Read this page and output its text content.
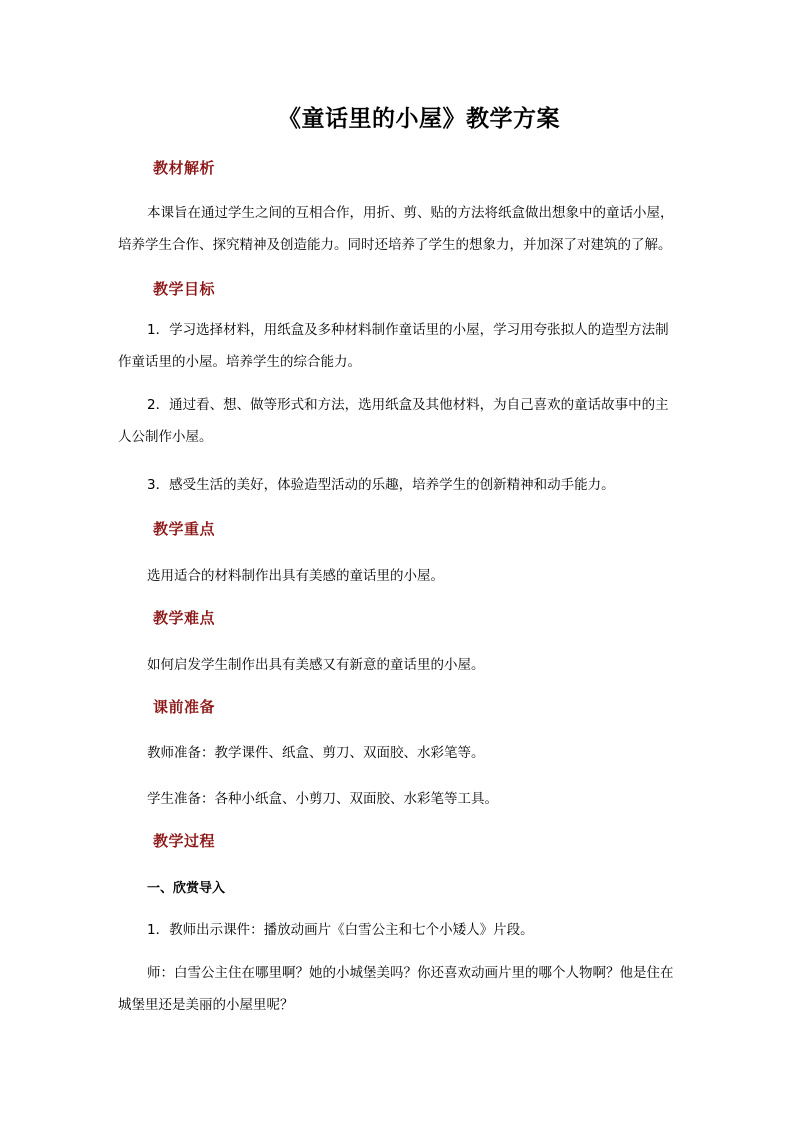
《童话里的小屋》教学方案
教材解析

本课旨在通过学生之间的互相合作，用折、剪、贴的方法将纸盒做出想象中的童话小屋，培养学生合作、探究精神及创造能力。同时还培养了学生的想象力，并加深了对建筑的了解。

教学目标

1．学习选择材料，用纸盒及多种材料制作童话里的小屋，学习用夸张拟人的造型方法制作童话里的小屋。培养学生的综合能力。

2．通过看、想、做等形式和方法，选用纸盒及其他材料，为自己喜欢的童话故事中的主人公制作小屋。

3．感受生活的美好，体验造型活动的乐趣，培养学生的创新精神和动手能力。
教学重点
选用适合的材料制作出具有美感的童话里的小屋。
教学难点
如何启发学生制作出具有美感又有新意的童话里的小屋。
课前准备
教师准备：教学课件、纸盒、剪刀、双面胶、水彩笔等。
学生准备：各种小纸盒、小剪刀、双面胶、水彩笔等工具。
教学过程
一、欣赏导入
1．教师出示课件：播放动画片《白雪公主和七个小矮人》片段。

师：白雪公主住在哪里啊？她的小城堡美吗？你还喜欢动画片里的哪个人物啊？他是住在城堡里还是美丽的小屋里呢？
